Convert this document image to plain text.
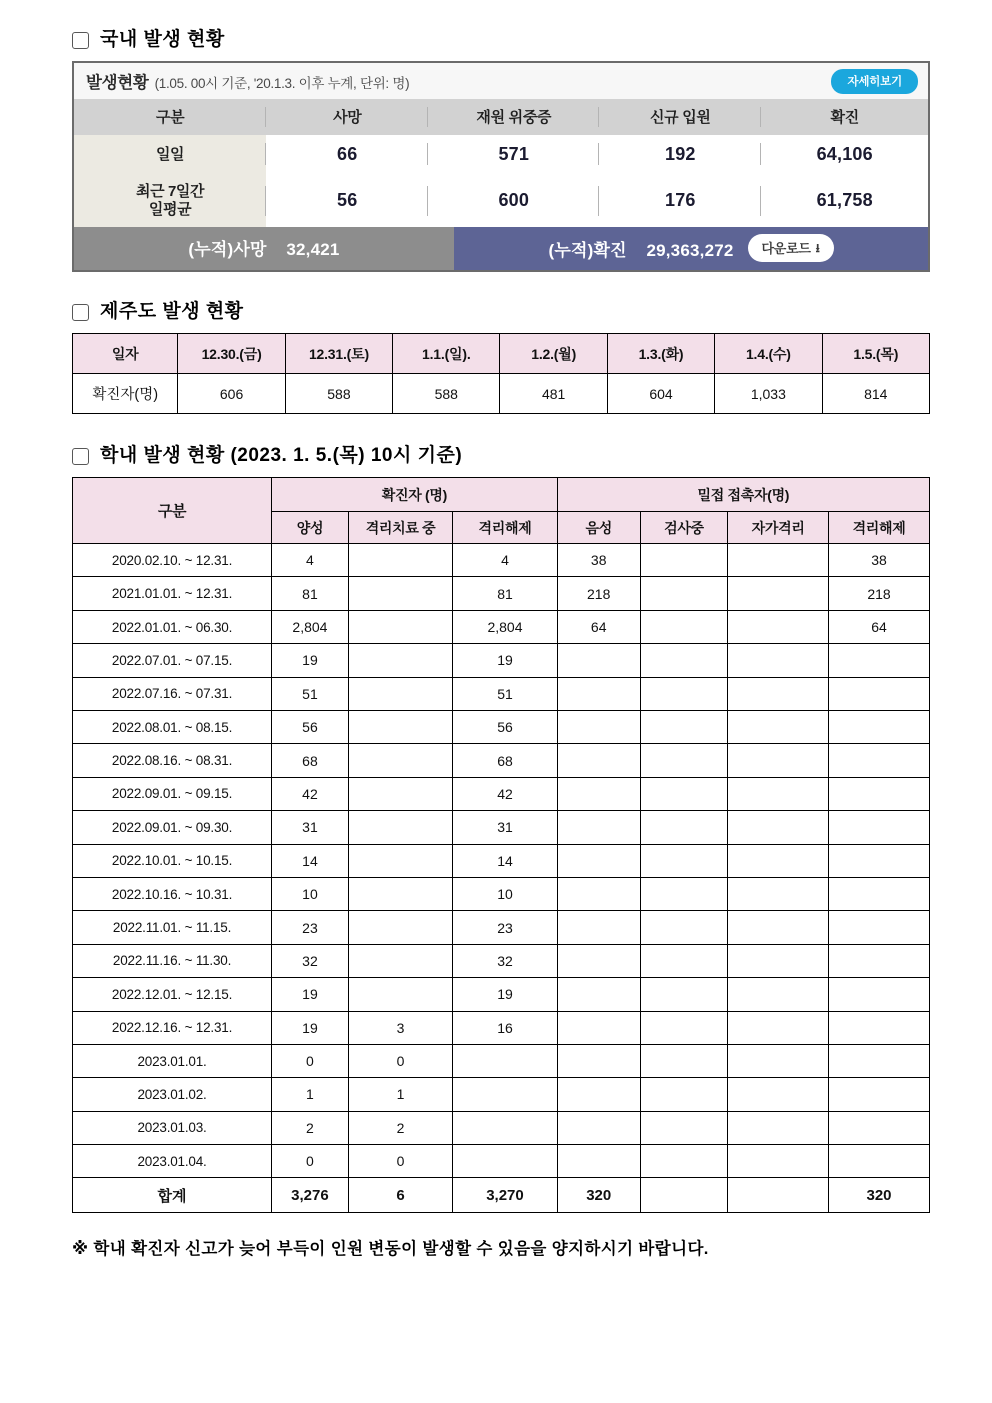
국내 발생 현황
발생현황 (1.05. 00시 기준, '20.1.3. 이후 누계, 단위: 명)	자세히보기
구분	사망	재원 위중증	신규 입원	확진
일일	66	571	192	64,106

최근 7일간
일평균	56	600	176	61,758
(누적)사망 32,421	(누적)확진 29,363,272 다운로드 ⭳
제주도 발생 현황
일자	12.30.(금)	12.31.(토)	1.1.(일).	1.2.(월)	1.3.(화)	1.4.(수)	1.5.(목)
확진자(명)	606	588	588	481	604	1,033	814
학내 발생 현황 (2023. 1. 5.(목) 10시 기준)
구분	확진자 (명)			밀접 접촉자(명)			
	양성	격리치료 중	격리해제	음성	검사중	자가격리	격리해제
2020.02.10. ~ 12.31.	4		4	38			38
2021.01.01. ~ 12.31.	81		81	218			218
2022.01.01. ~ 06.30.	2,804		2,804	64			64
2022.07.01. ~ 07.15.	19		19				
2022.07.16. ~ 07.31.	51		51				
2022.08.01. ~ 08.15.	56		56				
2022.08.16. ~ 08.31.	68		68				
2022.09.01. ~ 09.15.	42		42				
2022.09.01. ~ 09.30.	31		31				
2022.10.01. ~ 10.15.	14		14				
2022.10.16. ~ 10.31.	10		10				
2022.11.01. ~ 11.15.	23		23				
2022.11.16. ~ 11.30.	32		32				
2022.12.01. ~ 12.15.	19		19				
2022.12.16. ~ 12.31.	19	3	16				
2023.01.01.	0	0					
2023.01.02.	1	1					
2023.01.03.	2	2					
2023.01.04.	0	0					
합계	3,276	6	3,270	320			320
※ 학내 확진자 신고가 늦어 부득이 인원 변동이 발생할 수 있음을 양지하시기 바랍니다.
